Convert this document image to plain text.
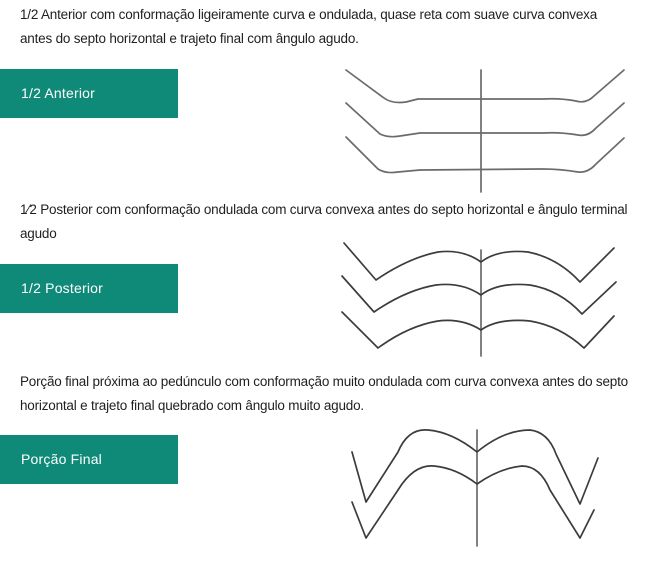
1/2 Anterior com conformação ligeiramente curva e ondulada, quase reta com suave curva convexa antes do septo horizontal e trajeto final com ângulo agudo.

1/2 Anterior

1⁄2 Posterior com conformação ondulada com curva convexa antes do septo horizontal e ângulo terminal agudo

1/2 Posterior

Porção final próxima ao pedúnculo com conformação muito ondulada com curva convexa antes do septo horizontal e trajeto final quebrado com ângulo muito agudo.

Porção Final
